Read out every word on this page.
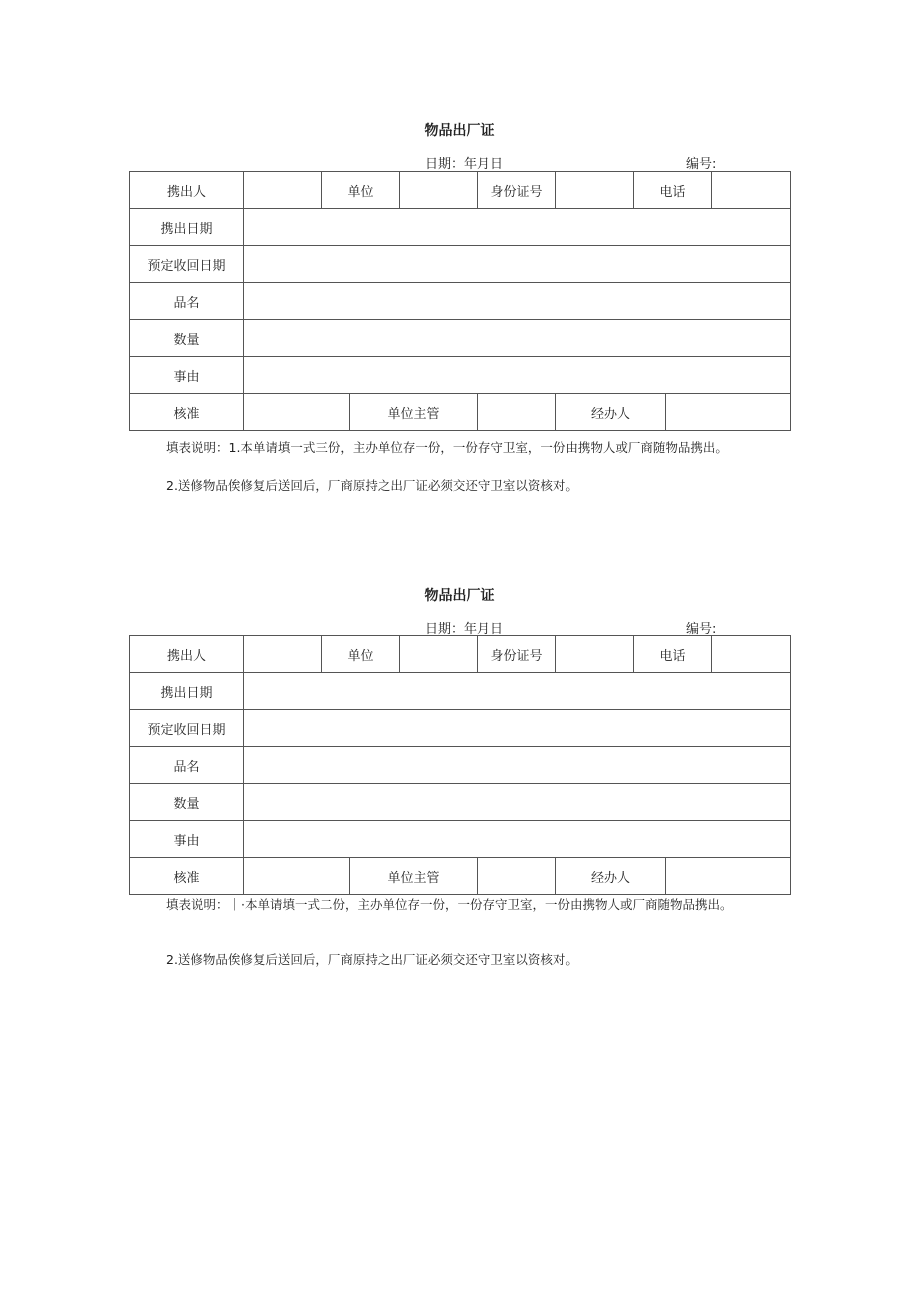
物品出厂证
日期：年月日	编号:
携出人		单位			身份证号		电话		
携出日期									
预定收回日期									
品名									
数量									
事由									
核准			单位主管			经办人			
填表说明：1.本单请填一式三份，主办单位存一份，一份存守卫室，一份由携物人或厂商随物品携出。
2.送修物品俟修复后送回后，厂商原持之出厂证必须交还守卫室以资核对。
物品出厂证
日期：年月日	编号:
携出人		单位			身份证号		电话		
携出日期									
预定收回日期									
品名									
数量									
事由									
核准			单位主管			经办人			
填表说明：｜·本单请填一式二份，主办单位存一份，一份存守卫室，一份由携物人或厂商随物品携出。
2.送修物品俟修复后送回后，厂商原持之出厂证必须交还守卫室以资核对。
